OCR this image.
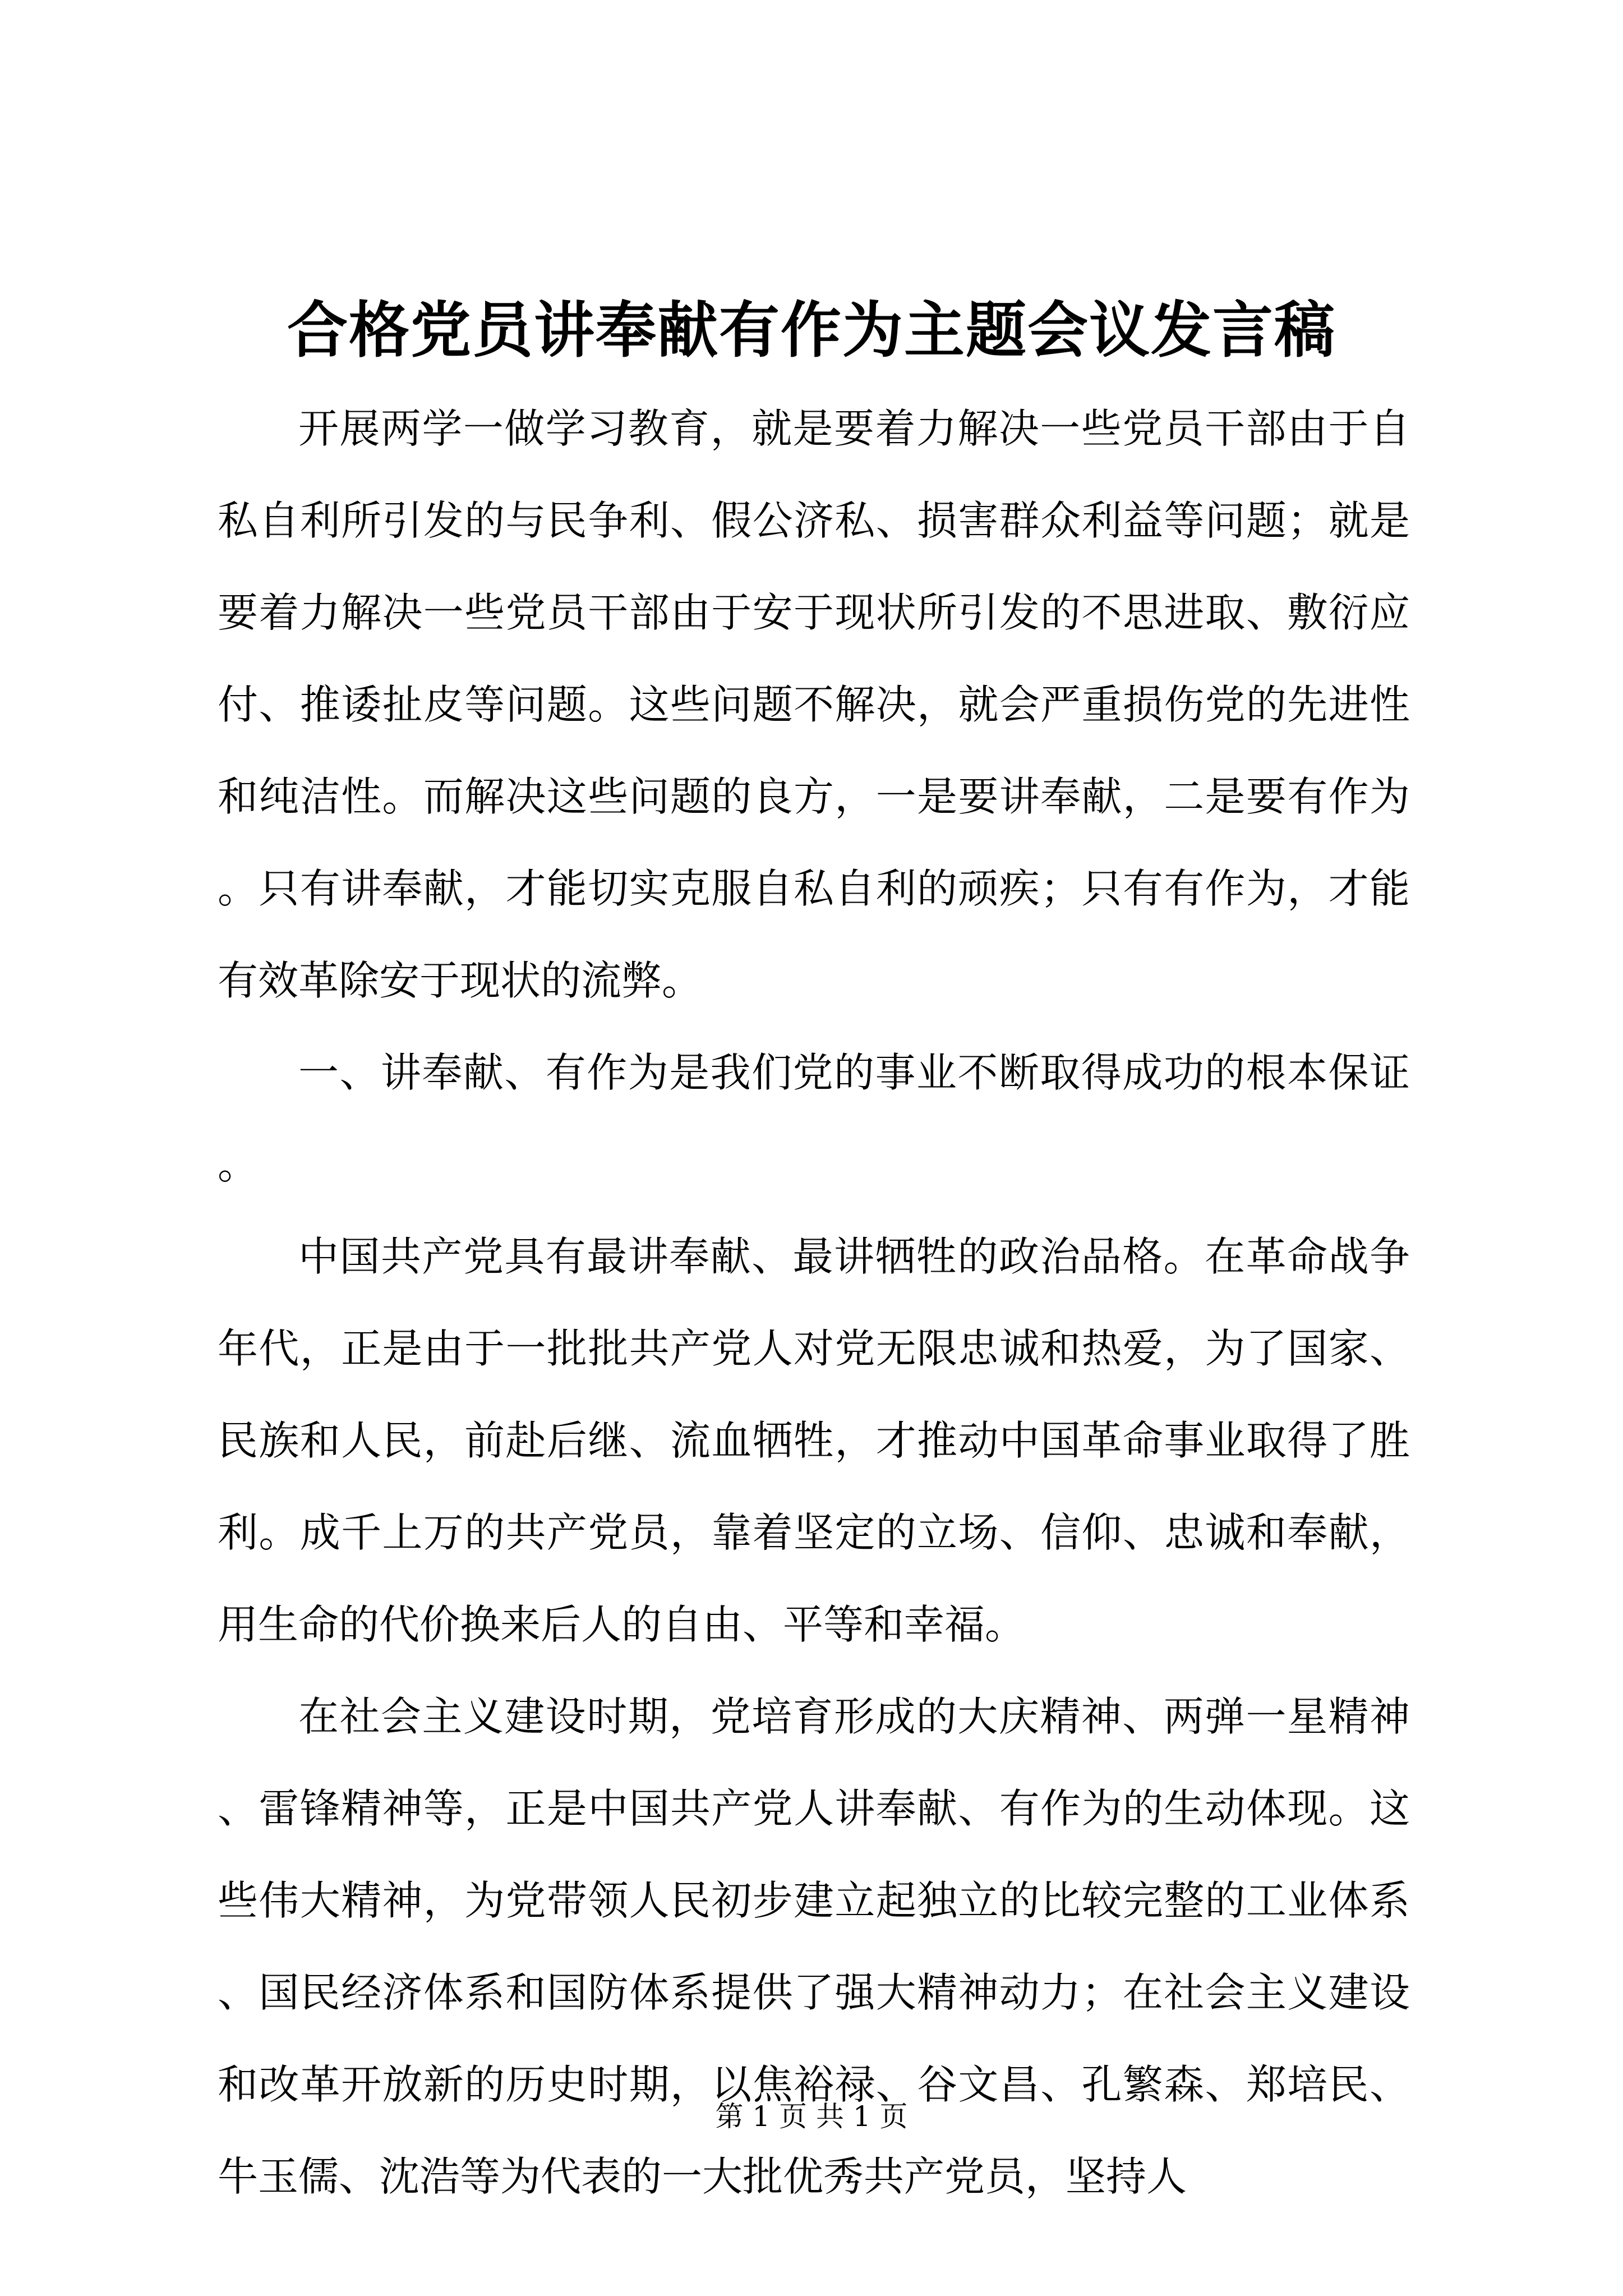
合格党员讲奉献有作为主题会议发言稿

开展两学一做学习教育，就是要着力解决一些党员干部由于自私自利所引发的与民争利、假公济私、损害群众利益等问题；就是要着力解决一些党员干部由于安于现状所引发的不思进取、敷衍应付、推诿扯皮等问题。这些问题不解决，就会严重损伤党的先进性和纯洁性。而解决这些问题的良方，一是要讲奉献，二是要有作为。只有讲奉献，才能切实克服自私自利的顽疾；只有有作为，才能有效革除安于现状的流弊。

一、讲奉献、有作为是我们党的事业不断取得成功的根本保证。

中国共产党具有最讲奉献、最讲牺牲的政治品格。在革命战争年代，正是由于一批批共产党人对党无限忠诚和热爱，为了国家、民族和人民，前赴后继、流血牺牲，才推动中国革命事业取得了胜利。成千上万的共产党员，靠着坚定的立场、信仰、忠诚和奉献，用生命的代价换来后人的自由、平等和幸福。

在社会主义建设时期，党培育形成的大庆精神、两弹一星精神、雷锋精神等，正是中国共产党人讲奉献、有作为的生动体现。这些伟大精神，为党带领人民初步建立起独立的比较完整的工业体系、国民经济体系和国防体系提供了强大精神动力；在社会主义建设和改革开放新的历史时期，以焦裕禄、谷文昌、孔繁森、郑培民、牛玉儒、沈浩等为代表的一大批优秀共产党员，坚持人

第 1 页 共 1 页
